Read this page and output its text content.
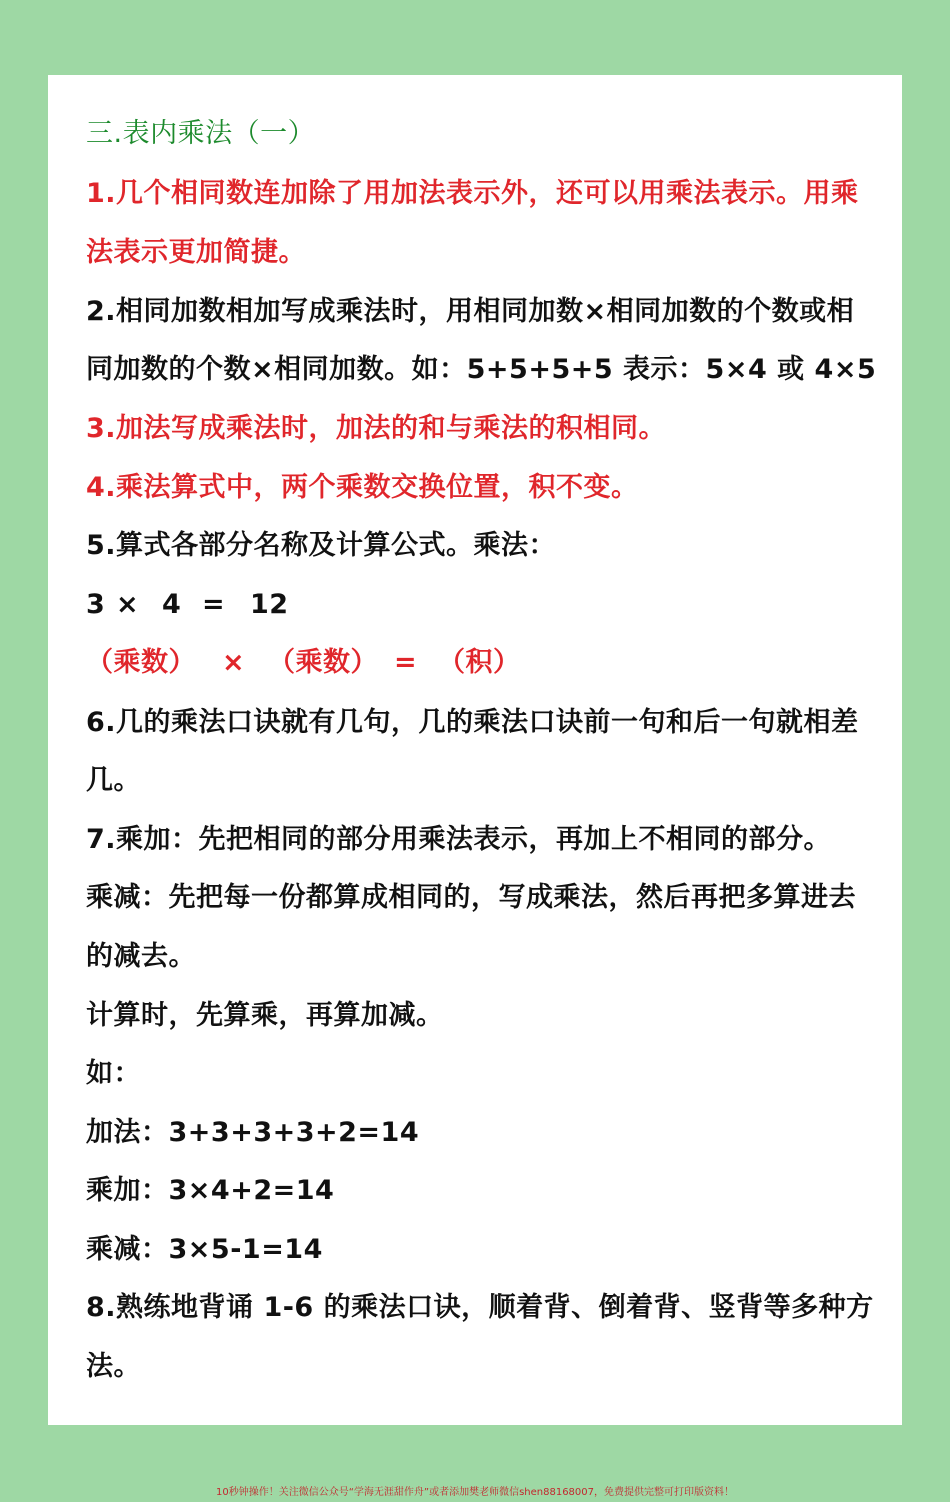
三.表内乘法（一）
1.几个相同数连加除了用加法表示外，还可以用乘法表示。用乘
法表示更加简捷。
2.相同加数相加写成乘法时，用相同加数×相同加数的个数或相
同加数的个数×相同加数。如：5+5+5+5 表示：5×4 或 4×5
3.加法写成乘法时，加法的和与乘法的积相同。
4.乘法算式中，两个乘数交换位置，积不变。
5.算式各部分名称及计算公式。乘法：
3 × 4 = 12
（乘数） × （乘数） = （积）
6.几的乘法口诀就有几句，几的乘法口诀前一句和后一句就相差
几。
7.乘加：先把相同的部分用乘法表示，再加上不相同的部分。
乘减：先把每一份都算成相同的，写成乘法，然后再把多算进去
的减去。
计算时，先算乘，再算加减。
如：
加法：3+3+3+3+2=14
乘加：3×4+2=14
乘减：3×5-1=14
8.熟练地背诵 1-6 的乘法口诀，顺着背、倒着背、竖背等多种方
法。
10秒钟操作！关注微信公众号“学海无涯甜作舟”或者添加樊老师微信shen88168007，免费提供完整可打印版资料！
